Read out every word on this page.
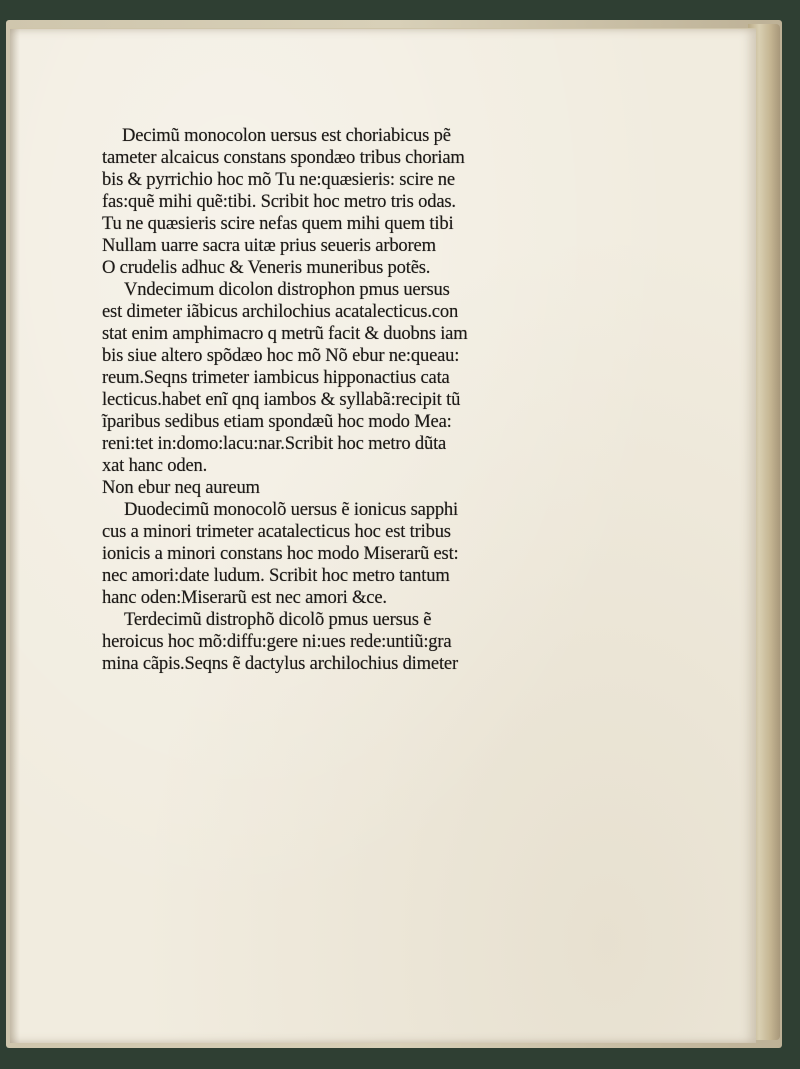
Decimũ monocolon uersus est choriabicus pẽ
tameter alcaicus constans spondæo tribus choriam
bis & pyrrichio hoc mõ Tu ne:quæsieris: scire ne
fas:quẽ mihi quẽ:tibi. Scribit hoc metro tris odas.
Tu ne quæsieris scire nefas quem mihi quem tibi
Nullam uarre sacra uitæ prius seueris arborem
O crudelis adhuc & Veneris muneribus potẽs.
Vndecimum dicolon distrophon pmus uersus
est dimeter iãbicus archilochius acatalecticus.con
stat enim amphimacro q metrũ facit & duobns iam
bis siue altero spõdæo hoc mõ Nõ ebur ne:queau:
reum.Seqns trimeter iambicus hipponactius cata
lecticus.habet enĩ qnq iambos & syllabã:recipit tũ
ĩparibus sedibus etiam spondæũ hoc modo Mea:
reni:tet in:domo:lacu:nar.Scribit hoc metro dũta
xat hanc oden.
Non ebur neq aureum
Duodecimũ monocolõ uersus ẽ ionicus sapphi
cus a minori trimeter acatalecticus hoc est tribus
ionicis a minori constans hoc modo Miserarũ est:
nec amori:date ludum. Scribit hoc metro tantum
hanc oden:Miserarũ est nec amori &ce.
Terdecimũ distrophõ dicolõ pmus uersus ẽ
heroicus hoc mõ:diffu:gere ni:ues rede:untiũ:gra
mina cãpis.Seqns ẽ dactylus archilochius dimeter
